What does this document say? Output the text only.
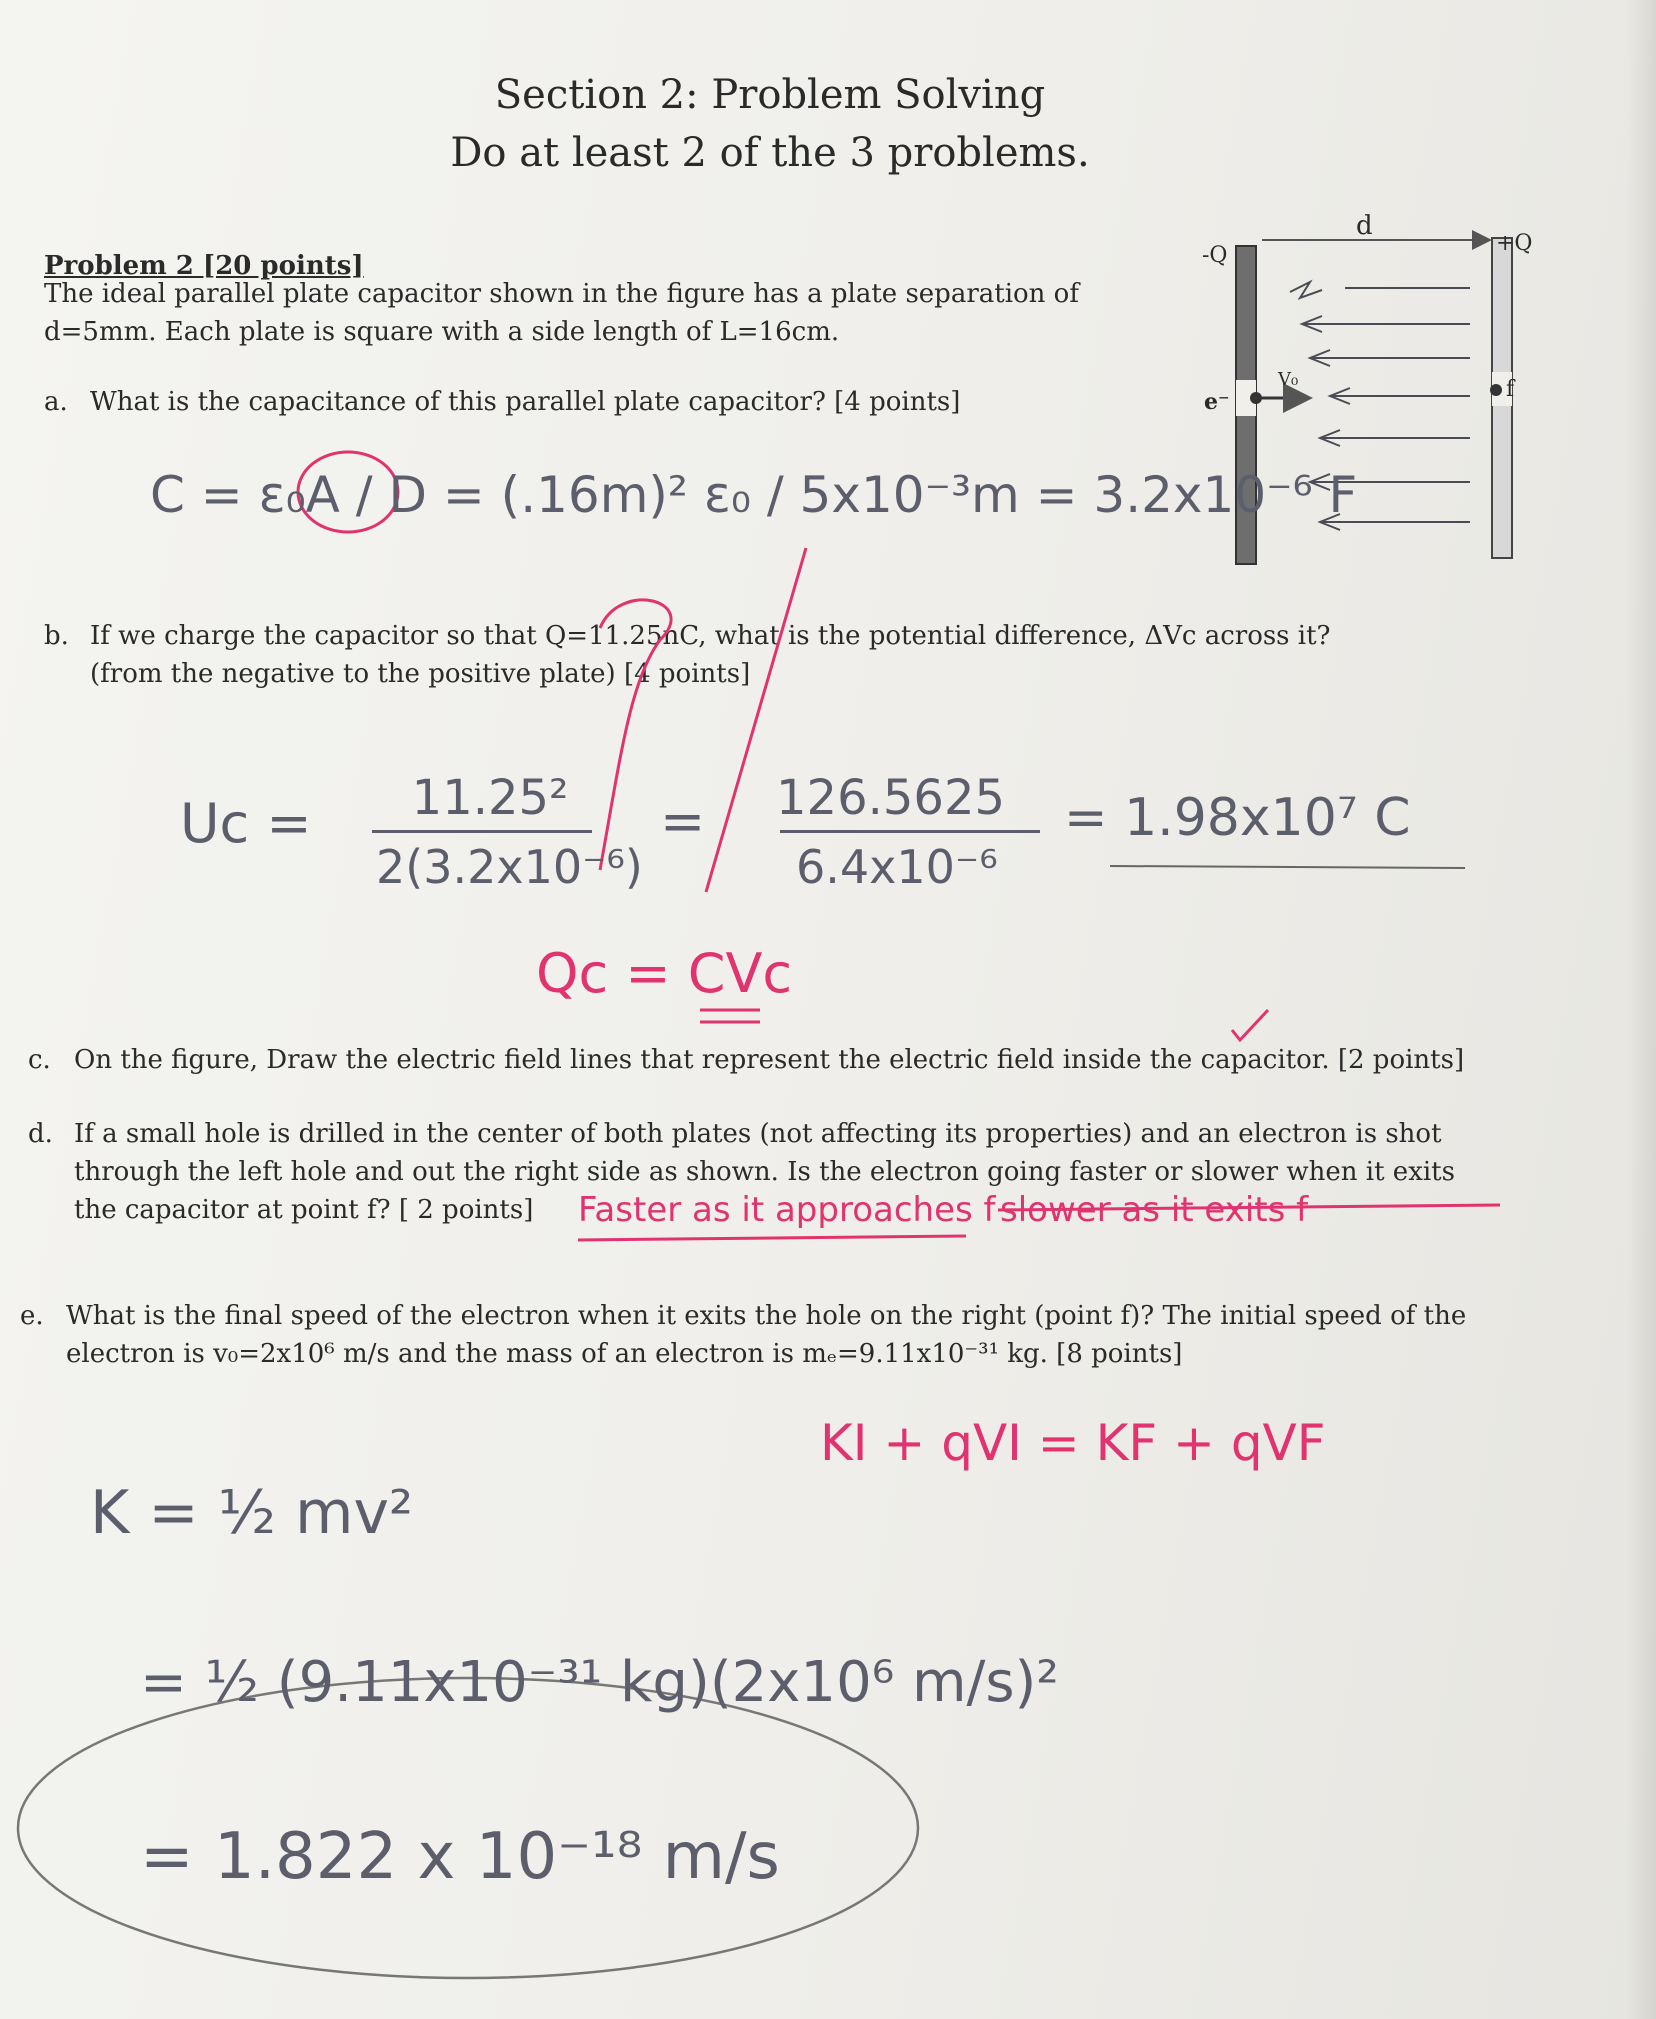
Section 2: Problem Solving
Do at least 2 of the 3 problems.
Problem 2 [20 points]
The ideal parallel plate capacitor shown in the figure has a plate separation of
d=5mm. Each plate is square with a side length of L=16cm.
a. What is the capacitance of this parallel plate capacitor? [4 points]
b. If we charge the capacitor so that Q=11.25nC, what is the potential difference, ΔVc across it?
(from the negative to the positive plate) [4 points]
c. On the figure, Draw the electric field lines that represent the electric field inside the capacitor. [2 points]
d. If a small hole is drilled in the center of both plates (not affecting its properties) and an electron is shot
through the left hole and out the right side as shown. Is the electron going faster or slower when it exits
the capacitor at point f? [ 2 points]
e. What is the final speed of the electron when it exits the hole on the right (point f)? The initial speed of the
electron is v₀=2x10⁶ m/s and the mass of an electron is mₑ=9.11x10⁻³¹ kg. [8 points]
d
-Q	+Q
e⁻
V₀	f
C = ε₀A / D = (.16m)² ε₀ / 5x10⁻³m = 3.2x10⁻⁶ F
Uc =	11.25²
2(3.2x10⁻⁶)
= 126.5625
6.4x10⁻⁶
= 1.98x10⁷ C
Qc = CVc
Faster as it approaches f slower as it exits f
KI + qVI = KF + qVF
K = ½ mv²
= ½ (9.11x10⁻³¹ kg)(2x10⁶ m/s)²
= 1.822 x 10⁻¹⁸ m/s
